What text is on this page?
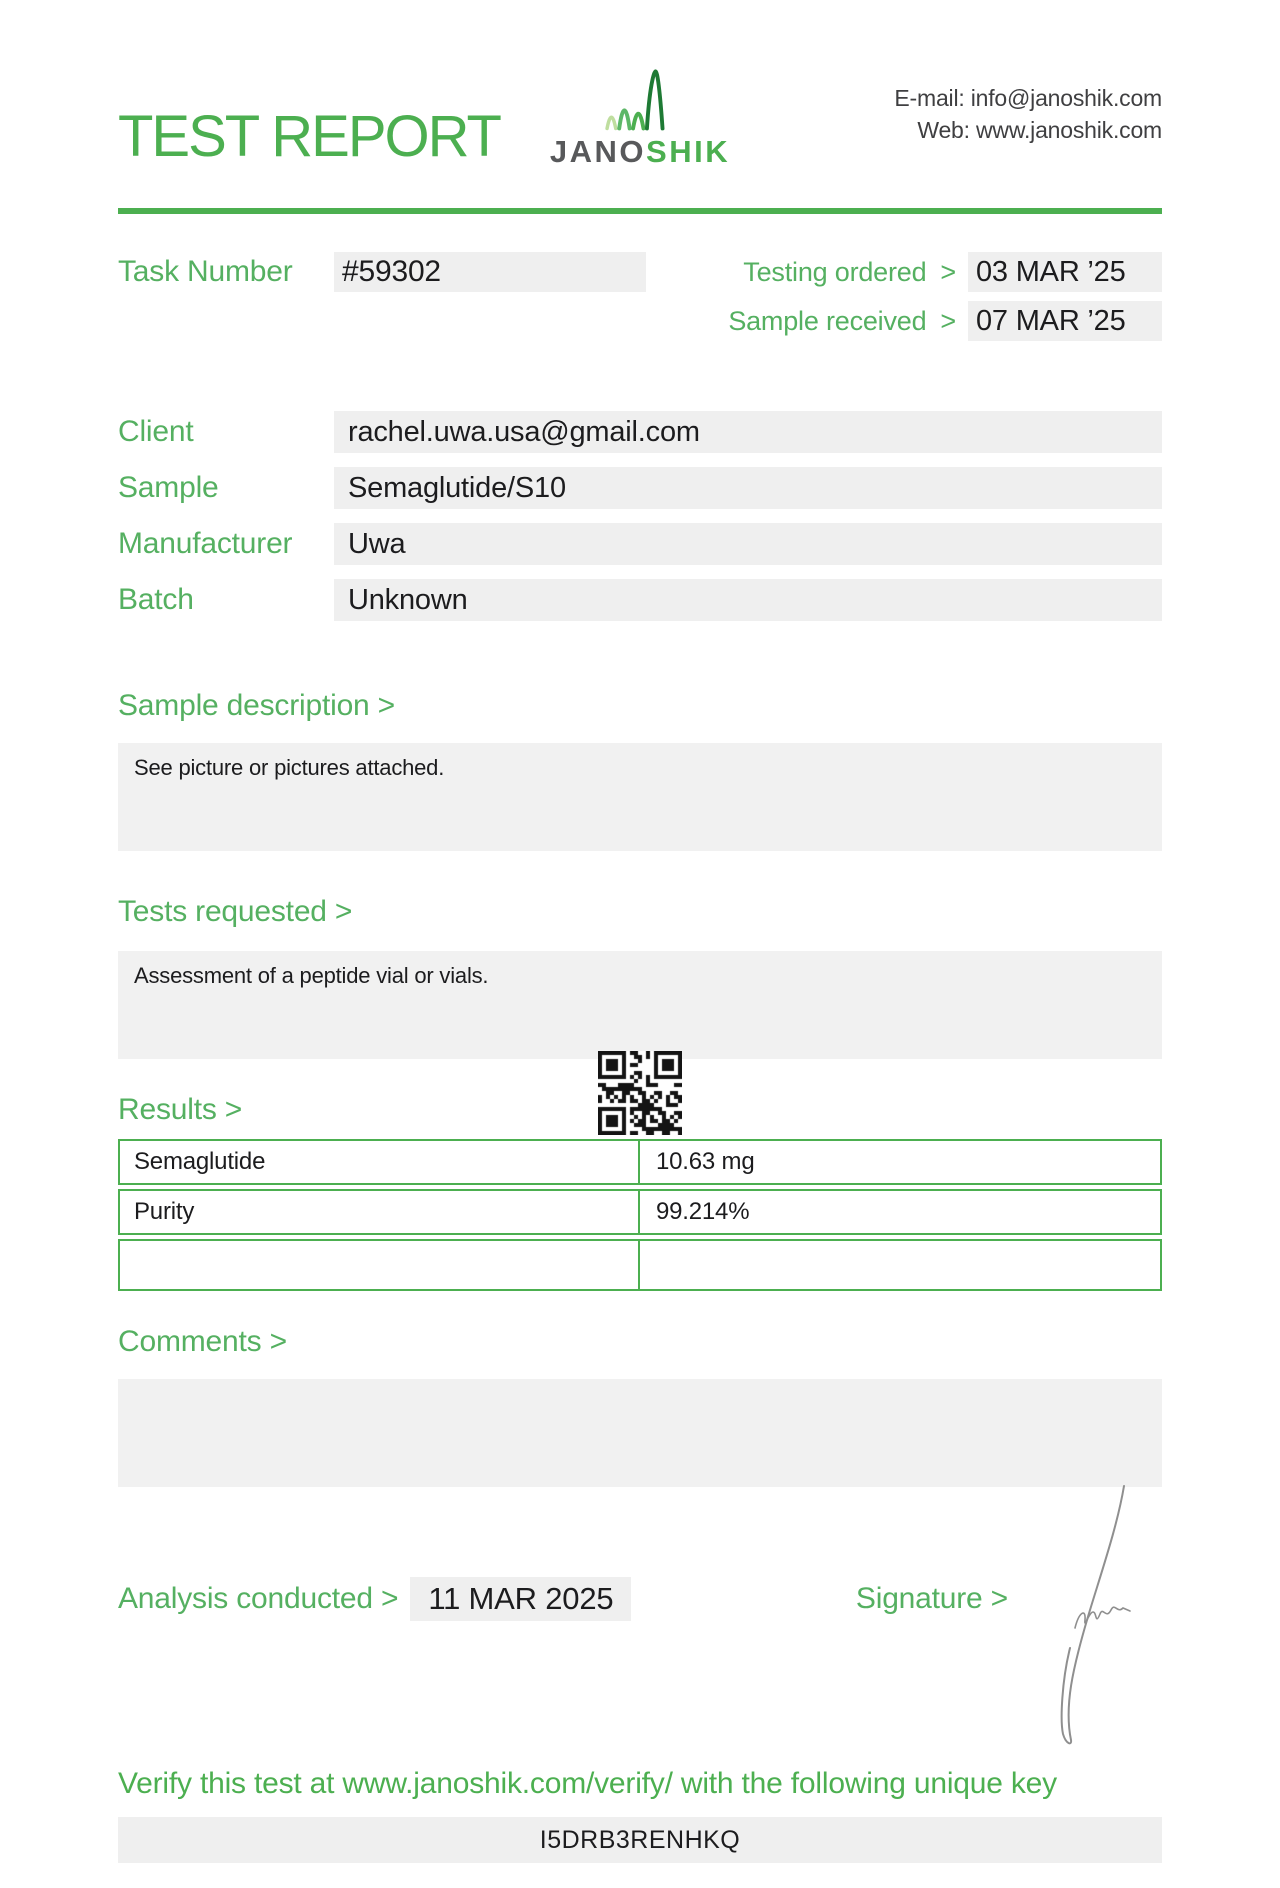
TEST REPORT	JANOSHIK
E-mail: info@janoshik.com
Web: www.janoshik.com
Task Number	#59302	Testing ordered > 03 MAR ’25
Sample received > 07 MAR ’25
Client	rachel.uwa.usa@gmail.com
Sample	Semaglutide/S10
Manufacturer	Uwa
Batch	Unknown
Sample description >
See picture or pictures attached.
Tests requested >
Assessment of a peptide vial or vials.
Results >
Semaglutide	10.63 mg
Purity	99.214%
Comments >
Analysis conducted > 11 MAR 2025	Signature >
Verify this test at www.janoshik.com/verify/ with the following unique key
I5DRB3RENHKQ
